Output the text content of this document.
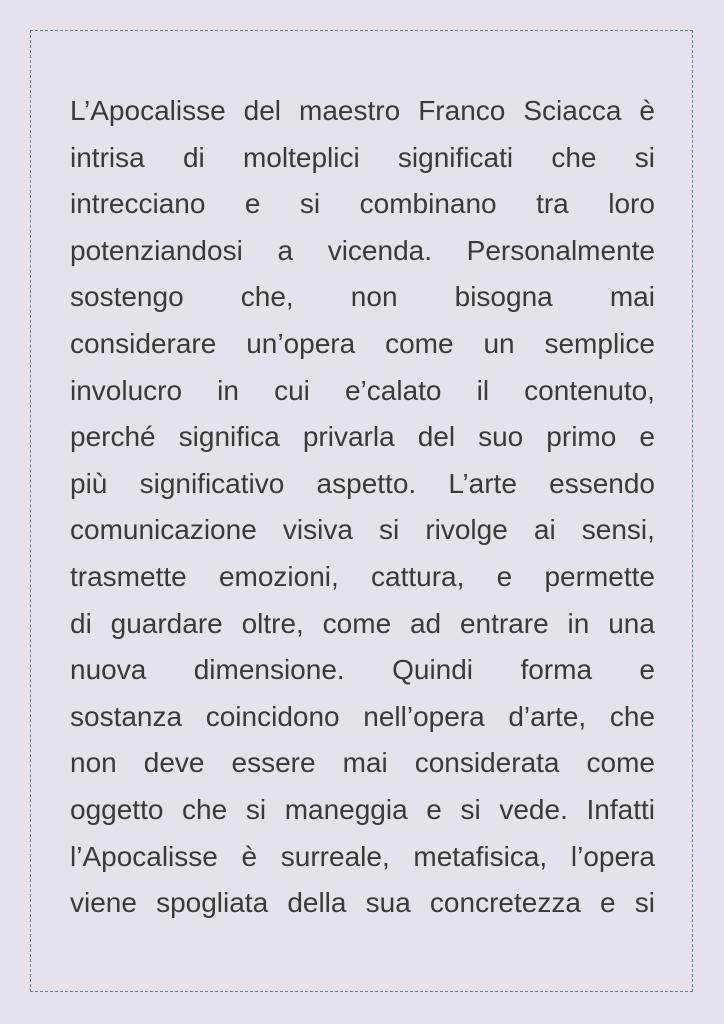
L’Apocalisse del maestro Franco Sciacca è
intrisa di molteplici significati che si
intrecciano e si combinano tra loro
potenziandosi a vicenda. Personalmente
sostengo che, non bisogna mai
considerare un’opera come un semplice
involucro in cui e’calato il contenuto,
perché significa privarla del suo primo e
più significativo aspetto. L’arte essendo
comunicazione visiva si rivolge ai sensi,
trasmette emozioni, cattura, e permette
di guardare oltre, come ad entrare in una
nuova dimensione. Quindi forma e
sostanza coincidono nell’opera d’arte, che
non deve essere mai considerata come
oggetto che si maneggia e si vede. Infatti
l’Apocalisse è surreale, metafisica, l’opera
viene spogliata della sua concretezza e si
